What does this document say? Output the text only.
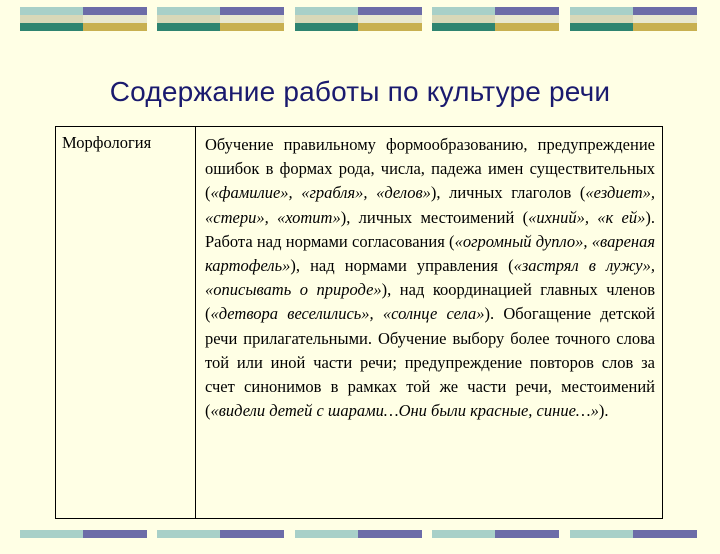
Содержание работы по культуре речи
Морфология	Обучение правильному формообразованию, предупреждение ошибок в формах рода, числа, падежа имен существительных («фамилие», «грабля», «делов»), личных глаголов («ездиет», «стери», «хотит»), личных местоимений («ихний», «к ей»). Работа над нормами согласования («огромный дупло», «вареная картофель»), над нормами управления («застрял в лужу», «описывать о природе»), над координацией главных членов («детвора веселились», «солнце села»). Обогащение детской речи прилагательными. Обучение выбору более точного слова той или иной части речи; предупреждение повторов слов за счет синонимов в рамках той же части речи, местоимений («видели детей с шарами…Они были красные, синие…»).
